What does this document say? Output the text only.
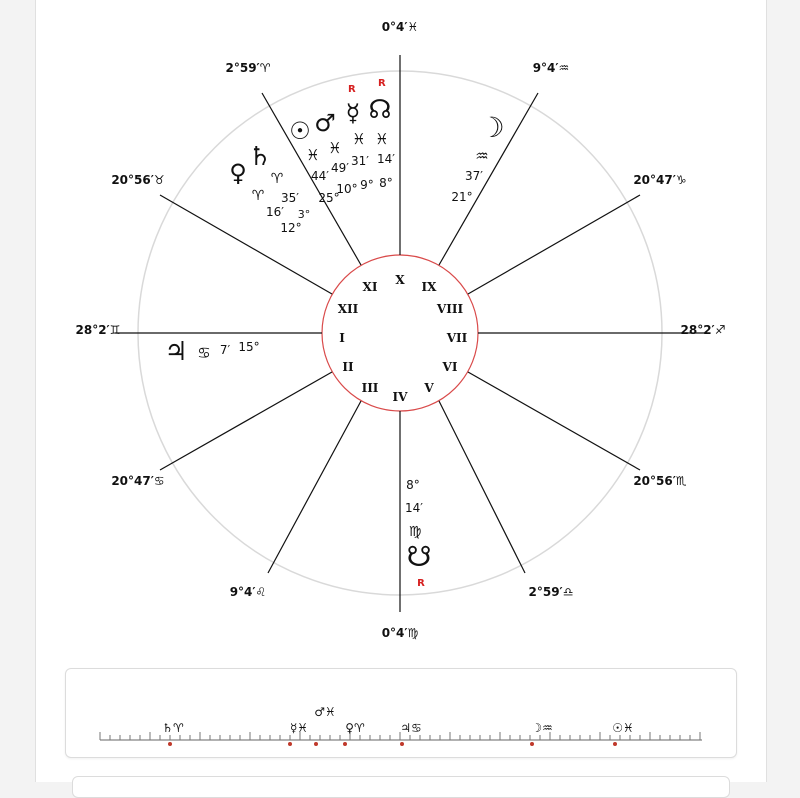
0°4′♓
9°4′♒
20°47′♑
28°2′♐
20°56′♏
2°59′♎
0°4′♍
9°4′♌
20°47′♋
28°2′♊
20°56′♉
2°59′♈
X IX
VIII
VII
VI
V
IV
III
II
I
XII
XI
R
R
☊
♓
14′
8°
☿
♓
31′
9°
♂
♓
49′
10°
☉
♓
44′
25°
♄
♀ ♈
♈ 35′
16′ 3°
12°
☽
♒
37′
21°
♃ ♋ 7′ 15°
8°
14′
♍
☋
R
♄♈	☿♓
♂♓
♀♈	♃♋	☽♒	☉♓
